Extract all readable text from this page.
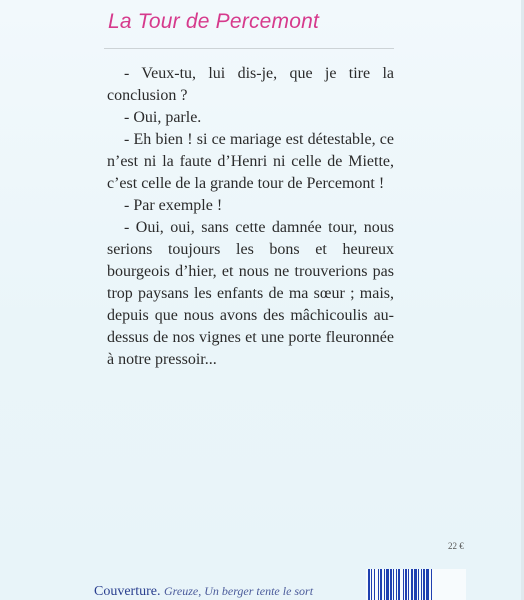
La Tour de Percemont

- Veux-tu, lui dis-je, que je tire la conclusion ?

- Oui, parle.

- Eh bien ! si ce mariage est détestable, ce n’est ni la faute d’Henri ni celle de Miette, c’est celle de la grande tour de Percemont !

- Par exemple !

- Oui, oui, sans cette damnée tour, nous serions toujours les bons et heureux bourgeois d’hier, et nous ne trouverions pas trop paysans les enfants de ma sœur ; mais, depuis que nous avons des mâchicoulis au-dessus de nos vignes et une porte fleuronnée à notre pressoir...

22 €
Couverture. Greuze, Un berger tente le sort
